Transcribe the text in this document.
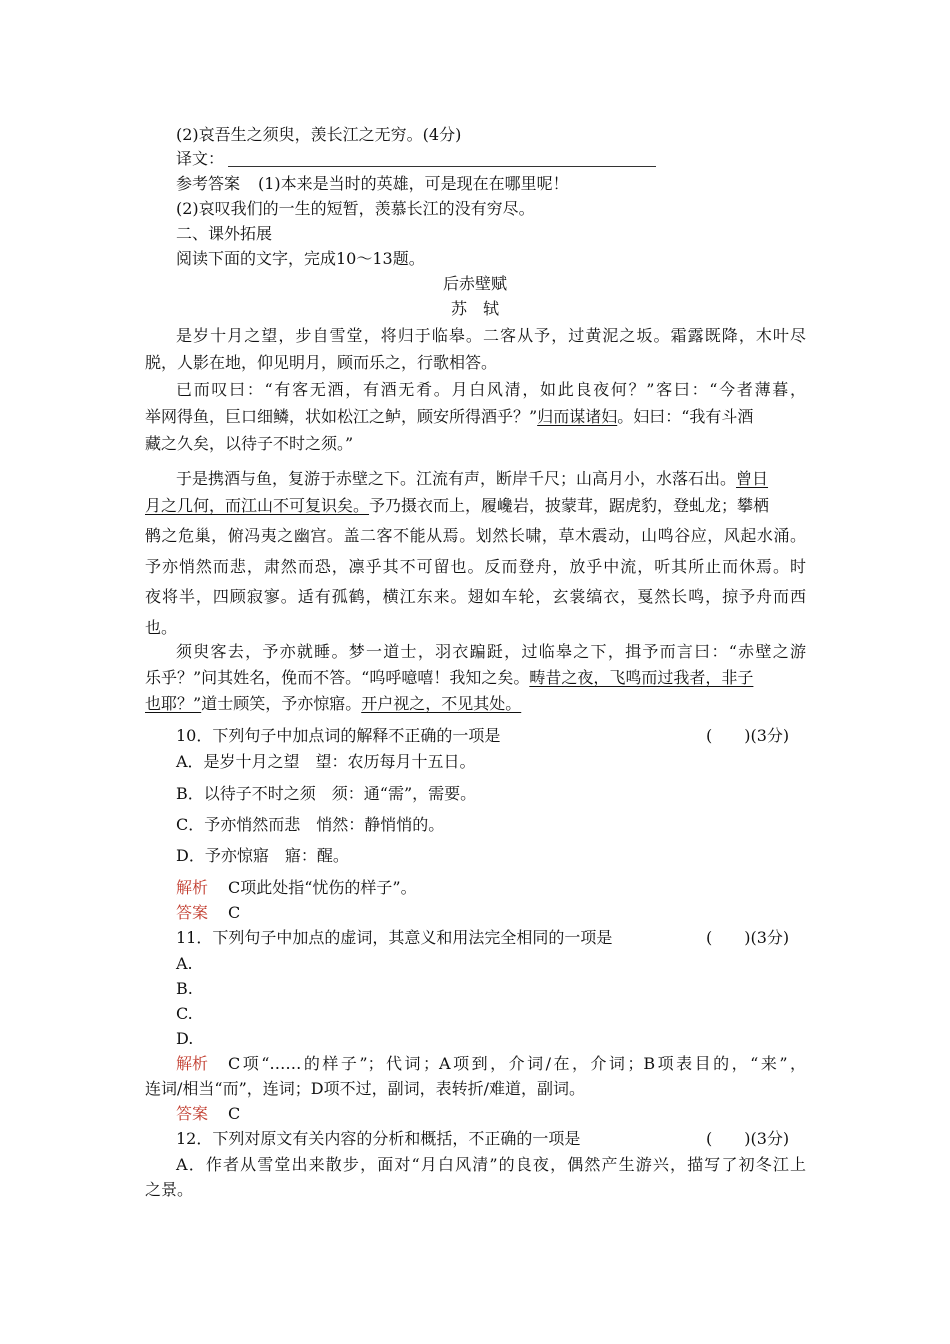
(2)哀吾生之须臾，羡长江之无穷。(4分)
译文：
参考答案 (1)本来是当时的英雄，可是现在在哪里呢！
(2)哀叹我们的一生的短暂，羡慕长江的没有穷尽。
二、课外拓展
阅读下面的文字，完成10～13题。
后赤壁赋
苏　轼
是岁十月之望，步自雪堂，将归于临皋。二客从予，过黄泥之坂。霜露既降，木叶尽
脱，人影在地，仰见明月，顾而乐之，行歌相答。
已而叹曰：“有客无酒，有酒无肴。月白风清，如此良夜何？”客曰：“今者薄暮，
举网得鱼，巨口细鳞，状如松江之鲈，顾安所得酒乎？”归而谋诸妇。妇曰：“我有斗酒
藏之久矣，以待子不时之须。”
于是携酒与鱼，复游于赤壁之下。江流有声，断岸千尺；山高月小，水落石出。曾日
月之几何，而江山不可复识矣。予乃摄衣而上，履巉岩，披蒙茸，踞虎豹，登虬龙；攀栖
鹘之危巢，俯冯夷之幽宫。盖二客不能从焉。划然长啸，草木震动，山鸣谷应，风起水涌。
予亦悄然而悲，肃然而恐，凛乎其不可留也。反而登舟，放乎中流，听其所止而休焉。时
夜将半，四顾寂寥。适有孤鹤，横江东来。翅如车轮，玄裳缟衣，戛然长鸣，掠予舟而西
也。
须臾客去，予亦就睡。梦一道士，羽衣蹁跹，过临皋之下，揖予而言曰：“赤壁之游
乐乎？”问其姓名，俛而不答。“呜呼噫嘻！我知之矣。畴昔之夜，飞鸣而过我者，非子
也耶？”道士顾笑，予亦惊寤。开户视之，不见其处。
10．下列句子中加点词的解释不正确的一项是	(　　)(3分)
A．是岁十月之望　望：农历每月十五日。
B．以待子不时之须　须：通“需”，需要。
C．予亦悄然而悲　悄然：静悄悄的。
D．予亦惊寤　寤：醒。
解析 C项此处指“忧伤的样子”。
答案 C
11．下列句子中加点的虚词，其意义和用法完全相同的一项是	(　　)(3分)
A.
B.
C.
D.
解析 C项“……的样子”；代词；A项到，介词/在，介词；B项表目的，“来”，
连词/相当“而”，连词；D项不过，副词，表转折/难道，副词。
答案 C
12．下列对原文有关内容的分析和概括，不正确的一项是	(　　)(3分)
A．作者从雪堂出来散步，面对“月白风清”的良夜，偶然产生游兴，描写了初冬江上
之景。
